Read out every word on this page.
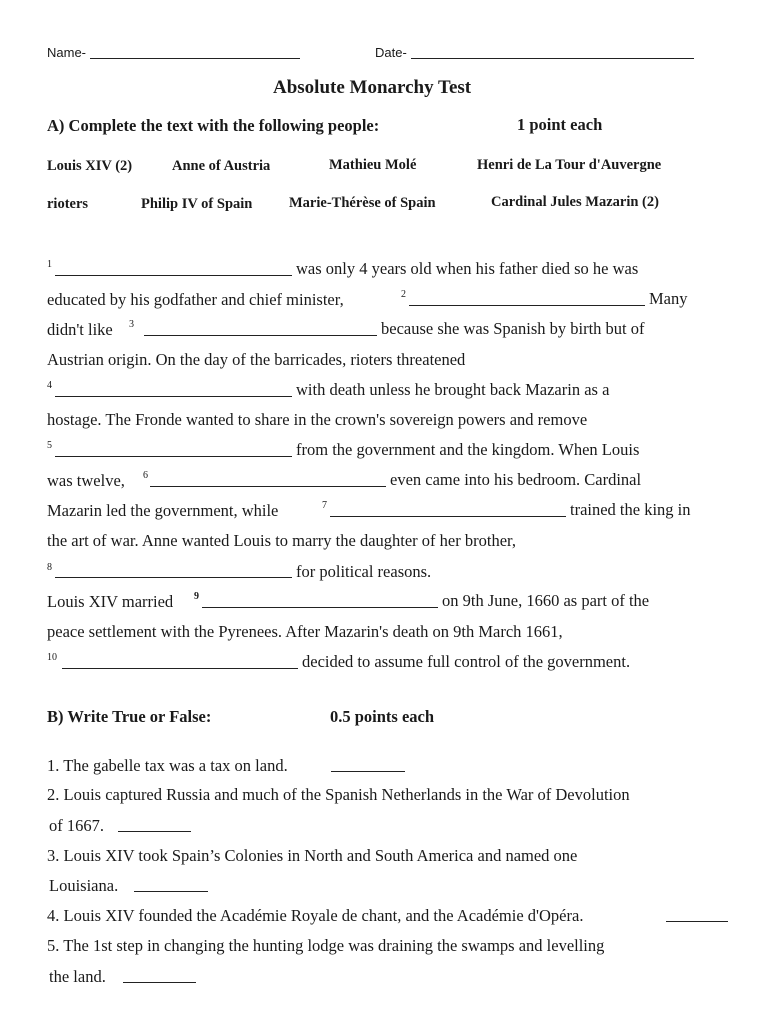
Name-	Date-
Absolute Monarchy Test
A) Complete the text with the following people:	1 point each
Louis XIV (2)	Anne of Austria	Mathieu Molé	Henri de La Tour d'Auvergne
rioters	Philip IV of Spain	Marie-Thérèse of Spain	Cardinal Jules Mazarin (2)
1	was only 4 years old when his father died so he was
educated by his godfather and chief minister,	2	Many
didn't like 3	because she was Spanish by birth but of
Austrian origin. On the day of the barricades, rioters threatened
4	with death unless he brought back Mazarin as a
hostage. The Fronde wanted to share in the crown's sovereign powers and remove
5	from the government and the kingdom. When Louis
was twelve, 6	even came into his bedroom. Cardinal
Mazarin led the government, while	7	trained the king in
the art of war. Anne wanted Louis to marry the daughter of her brother,
8	for political reasons.
Louis XIV married 9	on 9th June, 1660 as part of the
peace settlement with the Pyrenees. After Mazarin's death on 9th March 1661,
10	decided to assume full control of the government.
B) Write True or False:	0.5 points each
1. The gabelle tax was a tax on land.
2. Louis captured Russia and much of the Spanish Netherlands in the War of Devolution
of 1667.
3. Louis XIV took Spain’s Colonies in North and South America and named one
Louisiana.
4. Louis XIV founded the Académie Royale de chant, and the Académie d'Opéra.
5. The 1st step in changing the hunting lodge was draining the swamps and levelling
the land.
